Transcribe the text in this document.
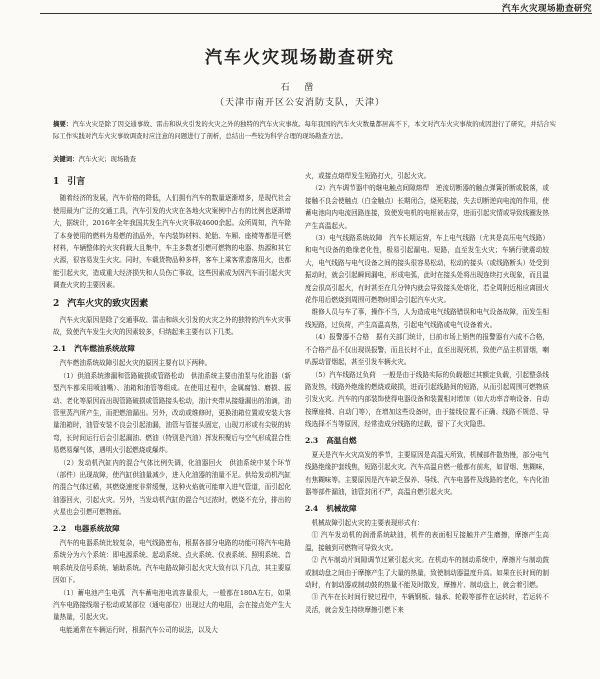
汽车火灾现场勘查研究
汽车火灾现场勘查研究
石 凿
（天津市南开区公安消防支队，天津）
摘要：汽车火灾是除了因交通事故、雷击和纵火引发的火灾之外的独特的汽车火灾事故。每年我国的汽车火灾数量都居高不下，本文对汽车火灾事故的成因进行了研究，并结合实际工作实践对汽车火灾事故调查时应注意的问题进行了剖析，总结出一些较为科学合理的现场勘查方法。
关键词：汽车火灾；现场勘查
1 引言

随着经济的发展，汽车价格的降低，人们拥有汽车的数量逐渐增多，是现代社会使用最为广泛的交通工具，汽车引发的火灾在各地火灾案例中占有的比例也逐渐增大，据统计，2016年全年我国共发生汽车火灾事故4600余起。众所周知，汽车除了本身使用的燃料为易燃的油品外，车内装饰材料、轮胎、车厢、座椅等都是可燃材料，车辆整体的火灾荷载大且集中，车主多数者引燃可燃物的电器、热源和其它火源，很容易发生火灾。同时，车载货物品种多样，客车上乘客常遗落用火，也都能引起火灾，造成重大经济损失和人员伤亡事故，这些因素成为因汽车而引起火灾调查火灾的主要因素。

2 汽车火灾的致灾因素

汽车火灾原因是除了交通事故、雷击和纵火引发的火灾之外的独特的汽车火灾事故，致使汽车发生火灾的因素较多，归纳起来主要有以下几类。

2.1 汽车燃油系统故障

汽车燃油系统故障引起火灾的原因主要有以下两种。

（1）供油系统渗漏和管路破损或管路松动　供油系统主要由油泵与化油器（新型汽车都采用喷油嘴）、油箱和油管等组成。在使用过程中，金属腐蚀、磨损、振动、老化等原因而出现管路破损或管路接头松动，油汁夹带从接缝漏出的油滴，油管里蒸汽所产生，而把燃油漏出。另外，改动或维修时，更换油箱位置或安装大容量油箱时，油管安装不良会引起油漏，油管与管接头固定，山现刀形或有尖锐的转弯，长时间运行后会引起漏油、燃油（特别是汽油）挥发积聚后与空气形成混合性易燃易爆气体，遇明火引起燃烧或爆炸。

（2）发动机汽缸内的混合气体比例失调，化油器回火　供油系统中某个环节（部件）出现故障，使汽缸供油量减少，进入化油器的油量不足。供给发动机汽缸的混合气体过稀，其燃烧速度非常缓慢，这种火焰就可能窜入进气管道，而引起化油器回火，引起火灾。另外，当发动机汽缸的混合气过浓时，燃烧不充分，排出的火星也会引燃可燃物面。

2.2 电器系统故障

汽车的电器系统比较复杂，电气线路密布，根据各部分电路的功能可将汽车电路系统分为六个系统：即电源系统、起动系统、点火系统、仪表系统、照明系统、音响系统及信号系统、辅助系统。汽车电路故障引起火灾大致有以下几点，其主要原因如下。

（1）蓄电池产生电弧　汽车蓄电池电流容量很大，一般都在180A左右，如果汽车电路接线端子松动或某部位（通电部位）出现过大的电阻，会在接点处产生大量热量，引起火灾。

电能通常在车辆运行时，根据汽车公司的说法，以及大

火，或接点熔焊发生短路打火，引起火灾。

（2）汽车调节器中的继电触点间隙熔焊　逆流切断器的触点弹簧折断或脱落，或接触不良会使触点（白金触点）长期闭合，烧死粘接，失去切断逆向电流的作用，使蓄电池向内电流回路连接，致使发电机的电枢被击穿，进而引起灾情或导致线圈发热产生高温起火。

（3）电气线路系统故障　汽车长期运营，车上电气线路（尤其是高压电气线路）和电气设备的绝缘老化性，极易引起漏电、短路，直至发生火灾；车辆行驶震动较大，电气线路与电气设备之间的接头很容易松动，松动的接头（或线路断头）处受到振动时，就会引起瞬间漏电，形成电弧，此时在接头处将出现连续打火现象，而且温度会很高引起火，有时甚至在几分钟内就会导致接头处熔化，若全周附近相应离固火花作用后燃烧到周围可燃物时即会引起汽车火灾。

维修人员与车了事，操作不当，人为造成电气线路错误和电气设备故障，而发生相线短路，过负荷，产生高温高热，引起电气线路或电气设备着火。

（4）报警器不合格　据有关部门统计，目前市场上销售的报警器有六成不合格，不合格产品不仅出现误报警，而且长时不止，直至出现死机，致使产品主机冒烟，喇叭振动冒烟起，甚至引发车辆火灾。

（5）汽车线路过负荷　一般是由于线路实际的负载超过其额定负载，引起整条线路发热，线路外绝缘的燃烧或破损，进而引起线路间的短路，从而引起周围可燃物质引发火灾。汽车的内部装饰使得电器设备和装置相对增加（如大功率音响设备、自动按摩座椅、自动门等），在增加这些设备时，由于接线位置不正确、线路不规范、导线选择不当等原因，经常造成分线路的过载，留下了火灾隐患。

2.3 高温自燃

夏天是汽车火灾高发的季节，主要原因是高温天所致，机械部件散热慢，部分电气线路绝缘护套线焦，短路引起火灾。汽车高温自燃一般都有前兆，如冒烟、焦糊味，有焦糊味等。主要原因是汽车缺乏保养、导线、汽车电器件及线路的老化，车内化油器等部件漏油，油管封闭不严，高温自燃引起火灾。

2.4 机械故障

机械故障引起火灾的主要表现形式有：

① 汽车发动机的润滑系统缺油，机件的表面相互接触并产生磨擦，摩擦产生高温，接触到可燃物可导致火灾。

② 汽车制动片间隙调节过紧引起火灾。在机动车的制动系统中，摩擦片与制动鼓或制动盘之间由于摩擦产生了大量的热量，致使制动器温度升高。如果在长时间的制动时，有制动器或制动鼓的热量不能及时散发，摩擦片、制动盘上，就会着引燃。

③ 汽车在长时间行驶过程中，车辆钢板、轴承、轮毂等部件在运转时，若运转不灵活，就会发生持续摩擦引燃下来
